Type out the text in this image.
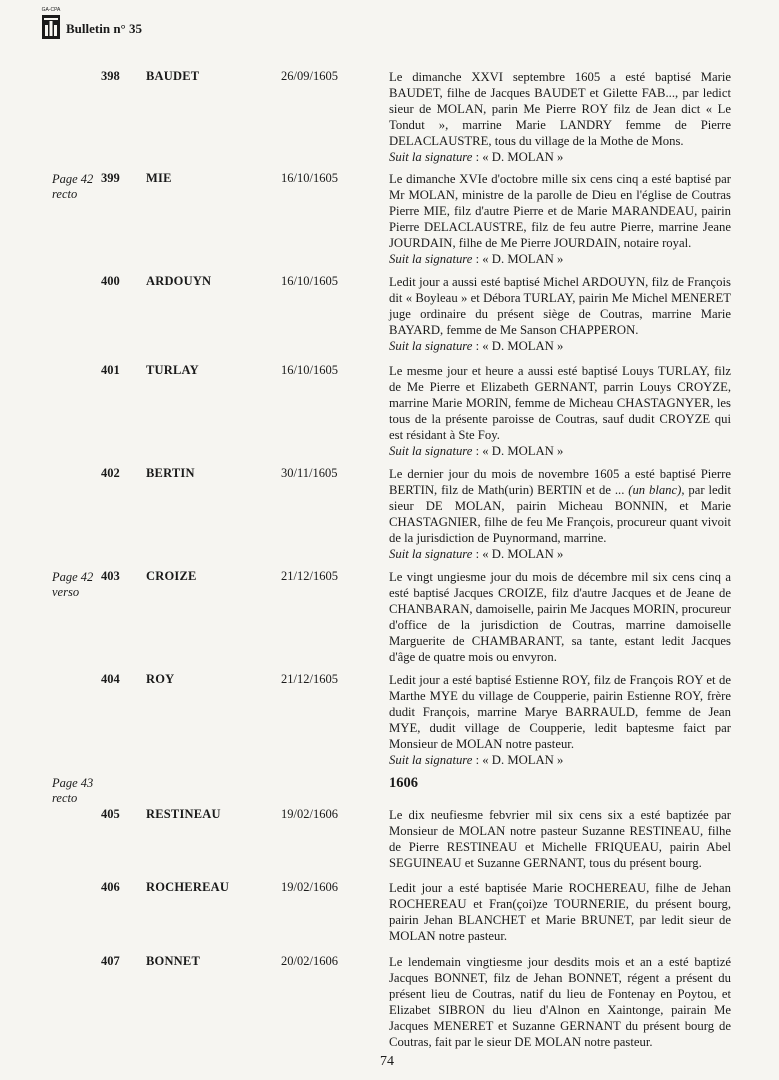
GA-CPA
Bulletin n° 35
398 BAUDET	26/09/1605	Le dimanche XXVI septembre 1605 a esté baptisé Marie BAUDET, filhe de Jacques BAUDET et Gilette FAB..., par ledict sieur de MOLAN, parin Me Pierre ROY filz de Jean dict « Le Tondut », marrine Marie LANDRY femme de Pierre DELACLAUSTRE, tous du village de la Mothe de Mons.
Suit la signature : « D. MOLAN »
Page 42 recto
399 MIE	16/10/1605	Le dimanche XVIe d'octobre mille six cens cinq a esté baptisé par Mr MOLAN, ministre de la parolle de Dieu en l'église de Coutras Pierre MIE, filz d'autre Pierre et de Marie MARANDEAU, pairin Pierre DELACLAUSTRE, filz de feu autre Pierre, marrine Jeane JOURDAIN, filhe de Me Pierre JOURDAIN, notaire royal.
Suit la signature : « D. MOLAN »
400 ARDOUYN	16/10/1605	Ledit jour a aussi esté baptisé Michel ARDOUYN, filz de François dit « Boyleau » et Débora TURLAY, pairin Me Michel MENERET juge ordinaire du présent siège de Coutras, marrine Marie BAYARD, femme de Me Sanson CHAPPERON.
Suit la signature : « D. MOLAN »
401 TURLAY	16/10/1605	Le mesme jour et heure a aussi esté baptisé Louys TURLAY, filz de Me Pierre et Elizabeth GERNANT, parrin Louys CROYZE, marrine Marie MORIN, femme de Micheau CHASTAGNYER, les tous de la présente paroisse de Coutras, sauf dudit CROYZE qui est résidant à Ste Foy.
Suit la signature : « D. MOLAN »
402 BERTIN	30/11/1605	Le dernier jour du mois de novembre 1605 a esté baptisé Pierre BERTIN, filz de Math(urin) BERTIN et de ... (un blanc), par ledit sieur DE MOLAN, pairin Micheau BONNIN, et Marie CHASTAGNIER, filhe de feu Me François, procureur quant vivoit de la jurisdiction de Puynormand, marrine.
Suit la signature : « D. MOLAN »
Page 42 verso
403 CROIZE	21/12/1605	Le vingt ungiesme jour du mois de décembre mil six cens cinq a esté baptisé Jacques CROIZE, filz d'autre Jacques et de Jeane de CHANBARAN, damoiselle, pairin Me Jacques MORIN, procureur d'office de la jurisdiction de Coutras, marrine damoiselle Marguerite de CHAMBARANT, sa tante, estant ledit Jacques d'âge de quatre mois ou envyron.
404 ROY	21/12/1605	Ledit jour a esté baptisé Estienne ROY, filz de François ROY et de Marthe MYE du village de Coupperie, pairin Estienne ROY, frère dudit François, marrine Marye BARRAULD, femme de Jean MYE, dudit village de Coupperie, ledit baptesme faict par Monsieur de MOLAN notre pasteur.
Suit la signature : « D. MOLAN »
Page 43 recto
1606
405 RESTINEAU	19/02/1606	Le dix neufiesme febvrier mil six cens six a esté baptizée par Monsieur de MOLAN notre pasteur Suzanne RESTINEAU, filhe de Pierre RESTINEAU et Michelle FRIQUEAU, pairin Abel SEGUINEAU et Suzanne GERNANT, tous du présent bourg.
406 ROCHEREAU	19/02/1606	Ledit jour a esté baptisée Marie ROCHEREAU, filhe de Jehan ROCHEREAU et Fran(çoi)ze TOURNERIE, du présent bourg, pairin Jehan BLANCHET et Marie BRUNET, par ledit sieur de MOLAN notre pasteur.
407 BONNET	20/02/1606	Le lendemain vingtiesme jour desdits mois et an a esté baptizé Jacques BONNET, filz de Jehan BONNET, régent a présent du présent lieu de Coutras, natif du lieu de Fontenay en Poytou, et Elizabet SIBRON du lieu d'Alnon en Xaintonge, pairain Me Jacques MENERET et Suzanne GERNANT du présent bourg de Coutras, fait par le sieur DE MOLAN notre pasteur.
74
